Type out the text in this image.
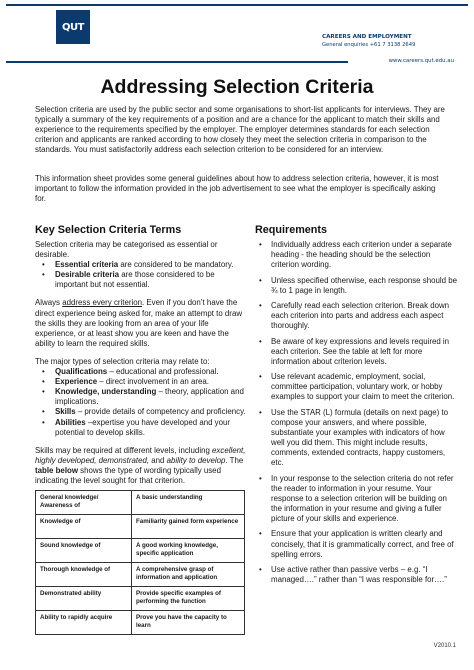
QUT
CAREERS AND EMPLOYMENT
General enquiries +61 7 3138 2649
www.careers.qut.edu.au
Addressing Selection Criteria
Selection criteria are used by the public sector and some organisations to short-list applicants for interviews. They are typically a summary of the key requirements of a position and are a chance for the applicant to match their skills and experience to the requirements specified by the employer. The employer determines standards for each selection criterion and applicants are ranked according to how closely they meet the selection criteria in comparison to the standards. You must satisfactorily address each selection criterion to be considered for an interview.
This information sheet provides some general guidelines about how to address selection criteria, however, it is most important to follow the information provided in the job advertisement to see what the employer is specifically asking for.
Key Selection Criteria Terms

Selection criteria may be categorised as essential or desirable.

• Essential criteria are considered to be mandatory.
• Desirable criteria are those considered to be important but not essential.

Always address every criterion. Even if you don’t have the direct experience being asked for, make an attempt to draw the skills they are looking from an area of your life experience, or at least show you are keen and have the ability to learn the required skills.

The major types of selection criteria may relate to:

• Qualifications – educational and professional.
• Experience – direct involvement in an area.
• Knowledge, understanding – theory, application and implications.
• Skills – provide details of competency and proficiency.
• Abilities –expertise you have developed and your potential to develop skills.

Skills may be required at different levels, including excellent, highly developed, demonstrated, and ability to develop. The table below shows the type of wording typically used indicating the level sought for that criterion.

General knowledge/ Awareness of	A basic understanding
Knowledge of	Familiarity gained form experience
Sound knowledge of	A good working knowledge, specific application
Thorough knowledge of	A comprehensive grasp of information and application
Demonstrated ability	Provide specific examples of performing the function
Ability to rapidly acquire	Prove you have the capacity to learn
Requirements
• Individually address each criterion under a separate heading - the heading should be the selection criterion wording.
• Unless specified otherwise, each response should be ¾ to 1 page in length.
• Carefully read each selection criterion. Break down each criterion into parts and address each aspect thoroughly.
• Be aware of key expressions and levels required in each criterion. See the table at left for more information about criterion levels.
• Use relevant academic, employment, social, committee participation, voluntary work, or hobby examples to support your claim to meet the criterion.
• Use the STAR (L) formula (details on next page) to compose your answers, and where possible, substantiate your examples with indicators of how well you did them. This might include results, comments, extended contracts, happy customers, etc.
• In your response to the selection criteria do not refer the reader to information in your resume. Your response to a selection criterion will be building on the information in your resume and giving a fuller picture of your skills and experience.
• Ensure that your application is written clearly and concisely, that it is grammatically correct, and free of spelling errors.
• Use active rather than passive verbs – e.g. “I managed….” rather than “I was responsible for….”
V2010.1
